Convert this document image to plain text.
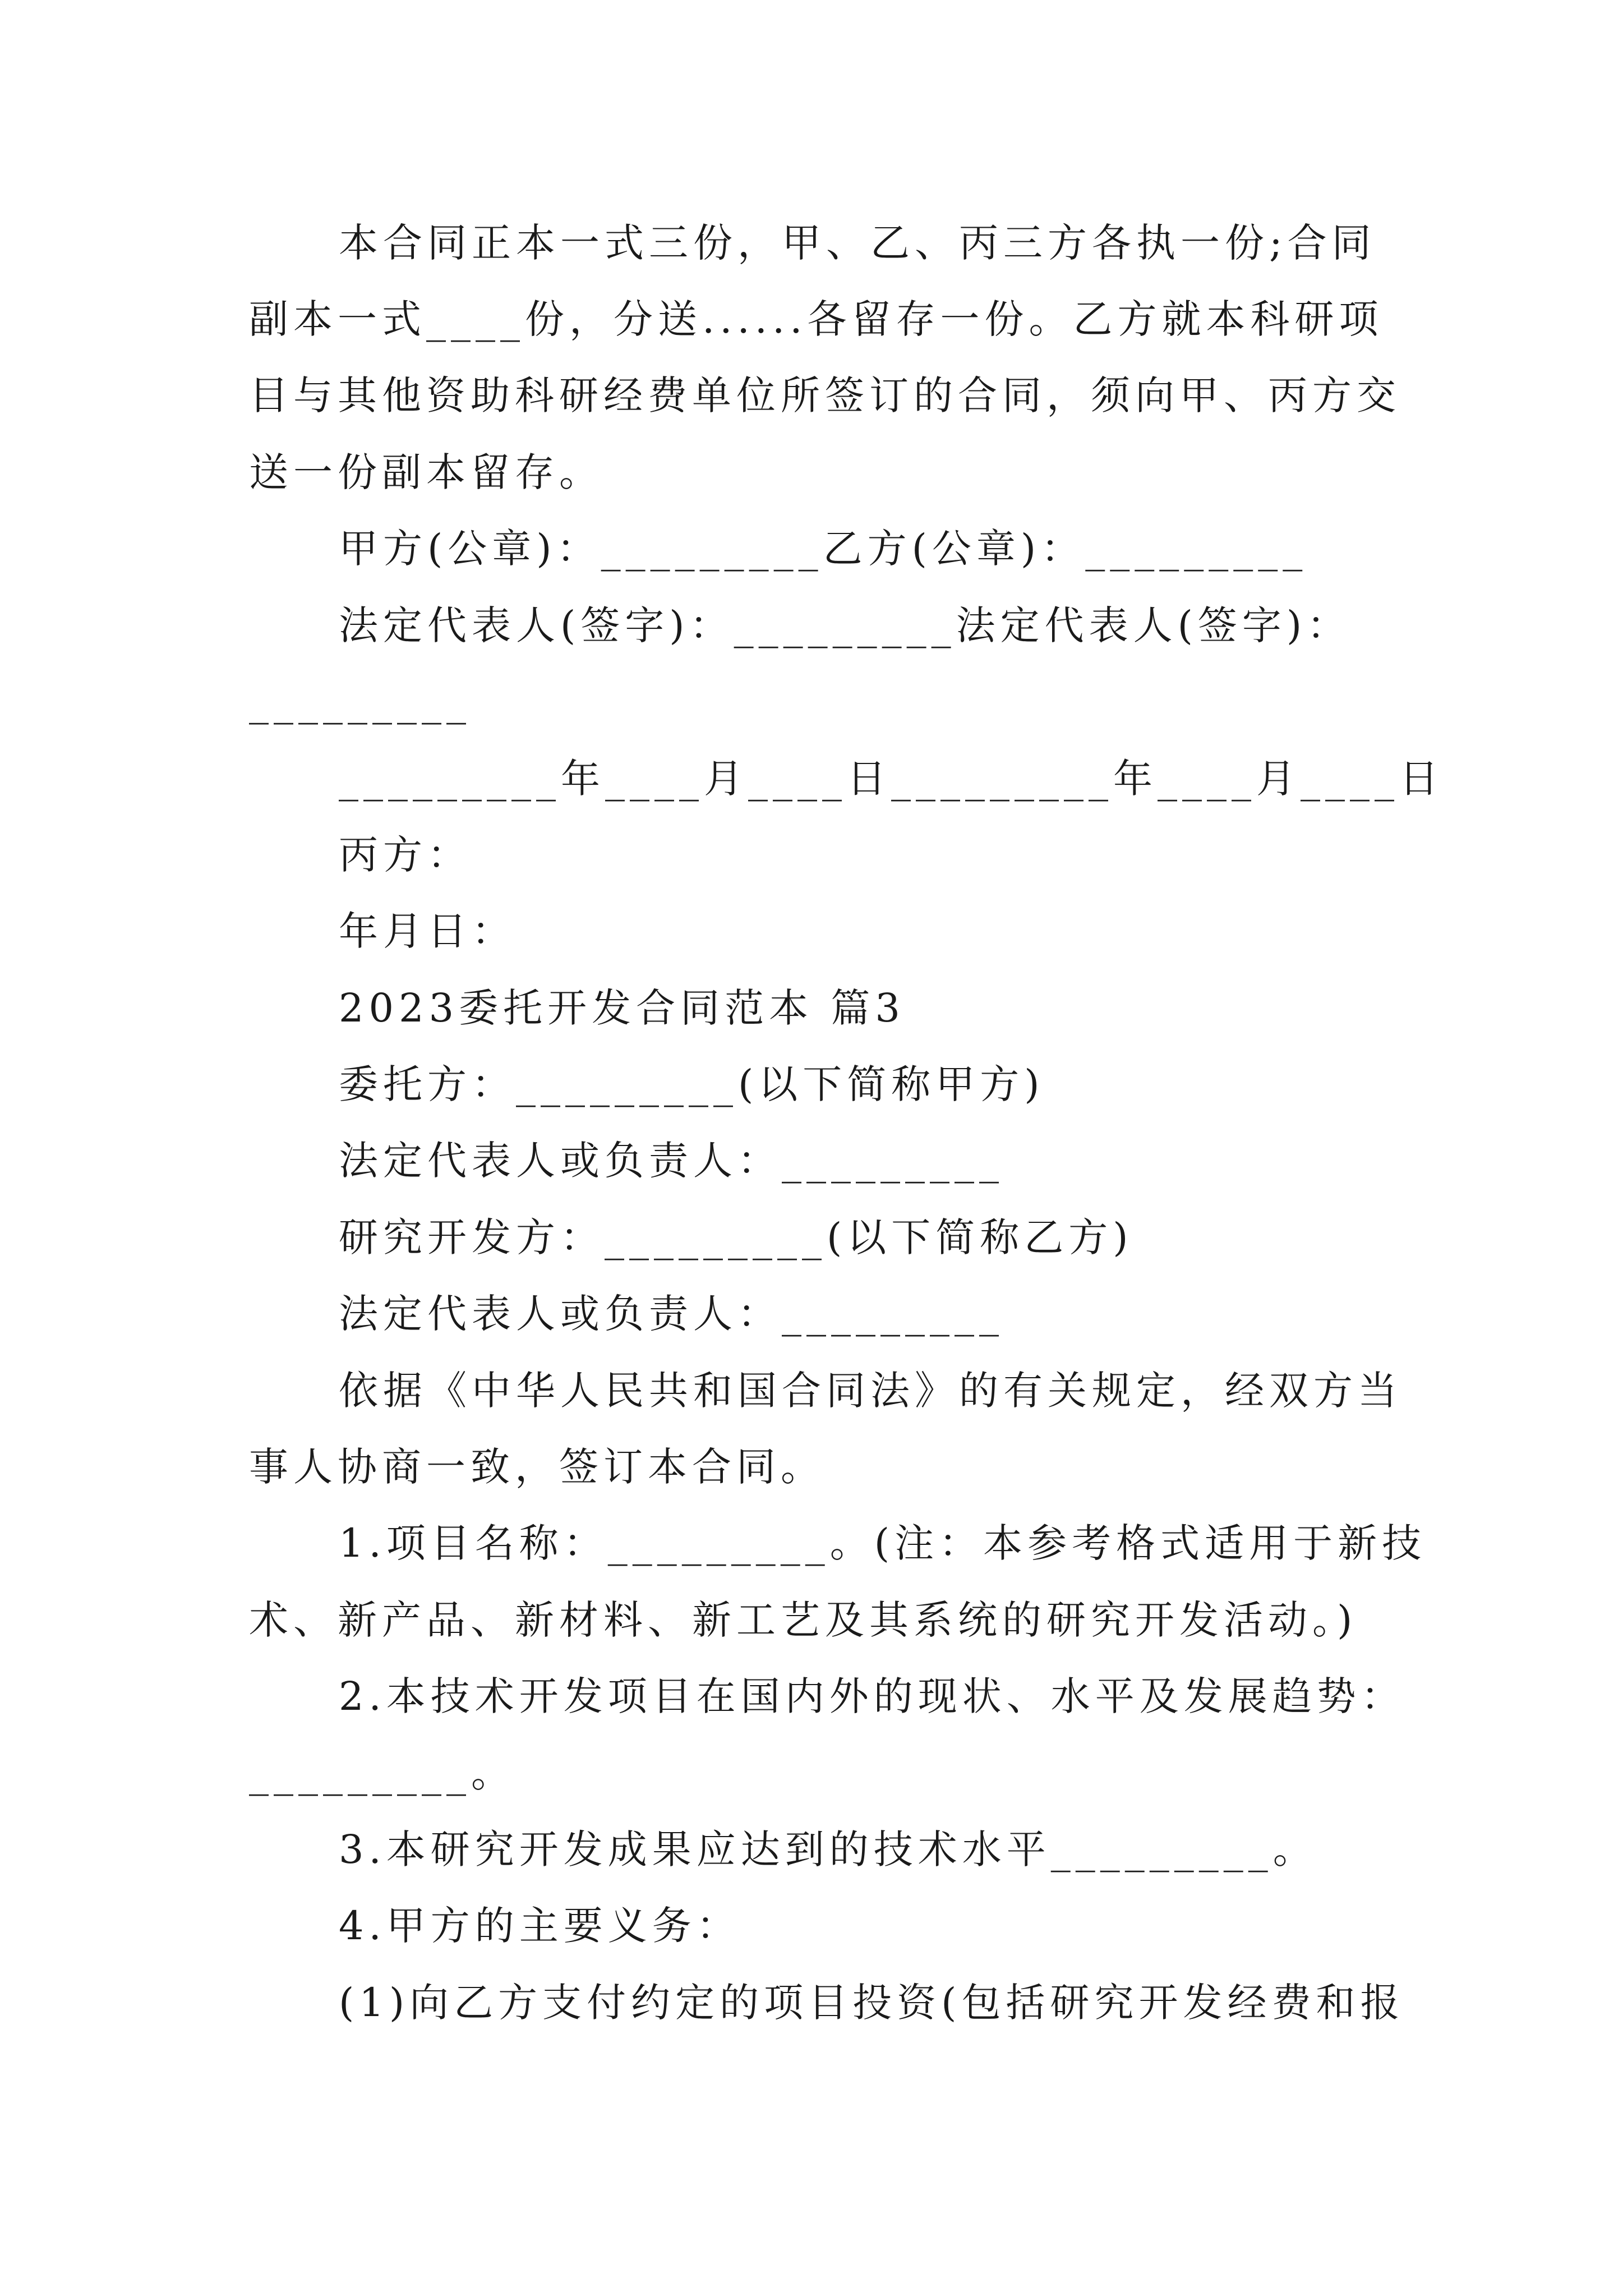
本合同正本一式三份，甲、乙、丙三方各执一份;合同
副本一式____份，分送......各留存一份。乙方就本科研项
目与其他资助科研经费单位所签订的合同，须向甲、丙方交
送一份副本留存。
甲方(公章)：_________乙方(公章)：_________
法定代表人(签字)：_________法定代表人(签字)：
_________
_________年____月____日_________年____月____日
丙方：
年月日：
2023委托开发合同范本 篇3
委托方：_________(以下简称甲方)
法定代表人或负责人：_________
研究开发方：_________(以下简称乙方)
法定代表人或负责人：_________
依据《中华人民共和国合同法》的有关规定，经双方当
事人协商一致，签订本合同。
1.项目名称：_________。(注：本参考格式适用于新技
术、新产品、新材料、新工艺及其系统的研究开发活动。)
2.本技术开发项目在国内外的现状、水平及发展趋势：
_________。
3.本研究开发成果应达到的技术水平_________。
4.甲方的主要义务：
(1)向乙方支付约定的项目投资(包括研究开发经费和报
